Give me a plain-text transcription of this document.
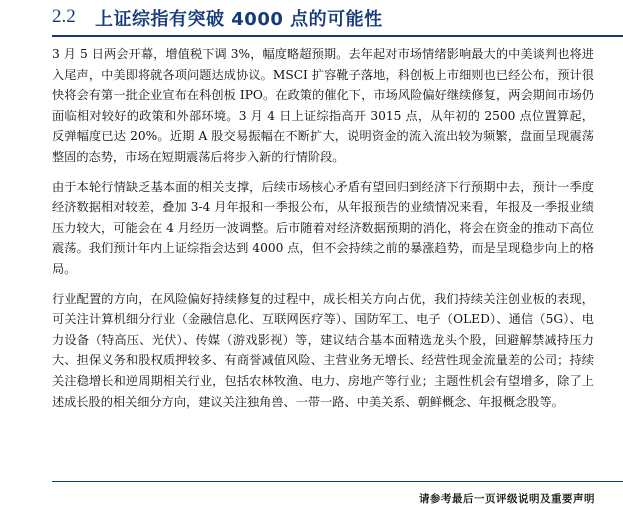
2.2 上证综指有突破 4000 点的可能性

3 月 5 日两会开幕，增值税下调 3%，幅度略超预期。去年起对市场情绪影响最大的中美谈判也将进入尾声，中美即将就各项问题达成协议。MSCI 扩容靴子落地，科创板上市细则也已经公布，预计很快将会有第一批企业宣布在科创板 IPO。在政策的催化下，市场风险偏好继续修复，两会期间市场仍面临相对较好的政策和外部环境。3 月 4 日上证综指高开 3015 点，从年初的 2500 点位置算起，反弹幅度已达 20%。近期 A 股交易振幅在不断扩大，说明资金的流入流出较为频繁，盘面呈现震荡整固的态势，市场在短期震荡后将步入新的行情阶段。

由于本轮行情缺乏基本面的相关支撑，后续市场核心矛盾有望回归到经济下行预期中去，预计一季度经济数据相对较差，叠加 3-4 月年报和一季报公布，从年报预告的业绩情况来看，年报及一季报业绩压力较大，可能会在 4 月经历一波调整。后市随着对经济数据预期的消化，将会在资金的推动下高位震荡。我们预计年内上证综指会达到 4000 点，但不会持续之前的暴涨趋势，而是呈现稳步向上的格局。

行业配置的方向，在风险偏好持续修复的过程中，成长相关方向占优，我们持续关注创业板的表现，可关注计算机细分行业（金融信息化、互联网医疗等）、国防军工、电子（OLED）、通信（5G）、电力设备（特高压、光伏）、传媒（游戏影视）等，建议结合基本面精选龙头个股，回避解禁减持压力大、担保义务和股权质押较多、有商誉减值风险、主营业务无增长、经营性现金流量差的公司；持续关注稳增长和逆周期相关行业，包括农林牧渔、电力、房地产等行业；主题性机会有望增多，除了上述成长股的相关细分方向，建议关注独角兽、一带一路、中美关系、朝鲜概念、年报概念股等。

请参考最后一页评级说明及重要声明
